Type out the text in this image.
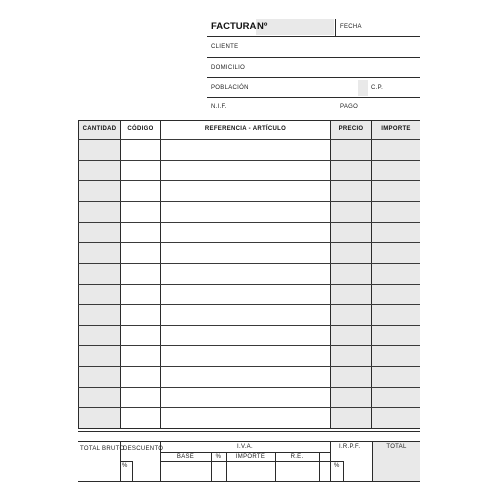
FACTURA Nº	FECHA
CLIENTE
DOMICILIO
POBLACIÓN	C.P.
N.I.F.	PAGO
CANTIDAD	CÓDIGO	REFERENCIA - ARTÍCULO	PRECIO	IMPORTE
TOTAL BRUTO
DESCUENTO	I.V.A.	I.R.P.F.	TOTAL
BASE	%	IMPORTE	R.E.
%	%
